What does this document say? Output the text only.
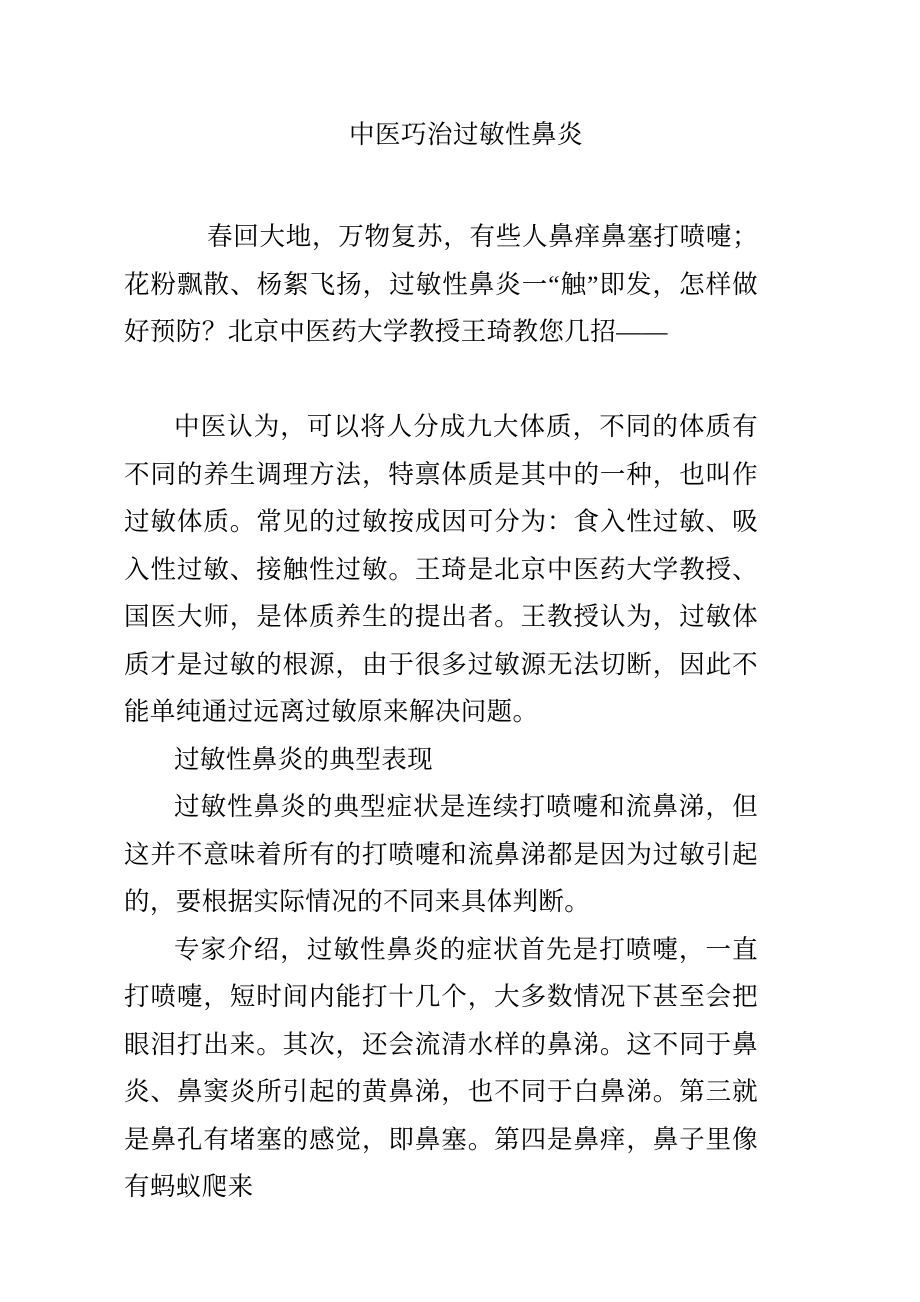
中医巧治过敏性鼻炎

春回大地，万物复苏，有些人鼻痒鼻塞打喷嚏；花粉飘散、杨絮飞扬，过敏性鼻炎一“触”即发，怎样做好预防？北京中医药大学教授王琦教您几招——

中医认为，可以将人分成九大体质，不同的体质有不同的养生调理方法，特禀体质是其中的一种，也叫作过敏体质。常见的过敏按成因可分为：食入性过敏、吸入性过敏、接触性过敏。王琦是北京中医药大学教授、国医大师，是体质养生的提出者。王教授认为，过敏体质才是过敏的根源，由于很多过敏源无法切断，因此不能单纯通过远离过敏原来解决问题。

过敏性鼻炎的典型表现

过敏性鼻炎的典型症状是连续打喷嚏和流鼻涕，但这并不意味着所有的打喷嚏和流鼻涕都是因为过敏引起的，要根据实际情况的不同来具体判断。

专家介绍，过敏性鼻炎的症状首先是打喷嚏，一直打喷嚏，短时间内能打十几个，大多数情况下甚至会把眼泪打出来。其次，还会流清水样的鼻涕。这不同于鼻炎、鼻窦炎所引起的黄鼻涕，也不同于白鼻涕。第三就是鼻孔有堵塞的感觉，即鼻塞。第四是鼻痒，鼻子里像有蚂蚁爬来
